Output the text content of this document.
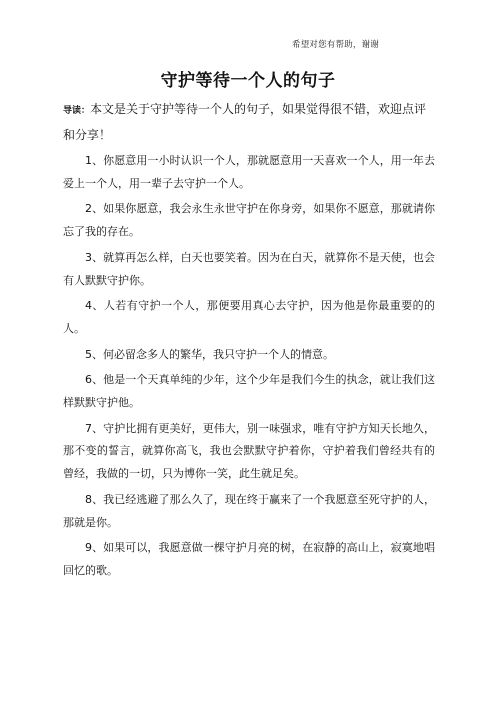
希望对您有帮助，谢谢
守护等待一个人的句子
导读：本文是关于守护等待一个人的句子，如果觉得很不错，欢迎点评和分享！

1、你愿意用一小时认识一个人，那就愿意用一天喜欢一个人，用一年去爱上一个人，用一辈子去守护一个人。

2、如果你愿意，我会永生永世守护在你身旁，如果你不愿意，那就请你忘了我的存在。

3、就算再怎么样，白天也要笑着。因为在白天，就算你不是天使，也会有人默默守护你。

4、人若有守护一个人，那便要用真心去守护，因为他是你最重要的的人。

5、何必留念多人的繁华，我只守护一个人的情意。

6、他是一个天真单纯的少年，这个少年是我们今生的执念，就让我们这样默默守护他。

7、守护比拥有更美好，更伟大，别一味强求，唯有守护方知天长地久，那不变的誓言，就算你高飞，我也会默默守护着你，守护着我们曾经共有的曾经，我做的一切，只为博你一笑，此生就足矣。

8、我已经逃避了那么久了，现在终于赢来了一个我愿意至死守护的人，那就是你。

9、如果可以，我愿意做一棵守护月亮的树，在寂静的高山上，寂寞地唱回忆的歌。
